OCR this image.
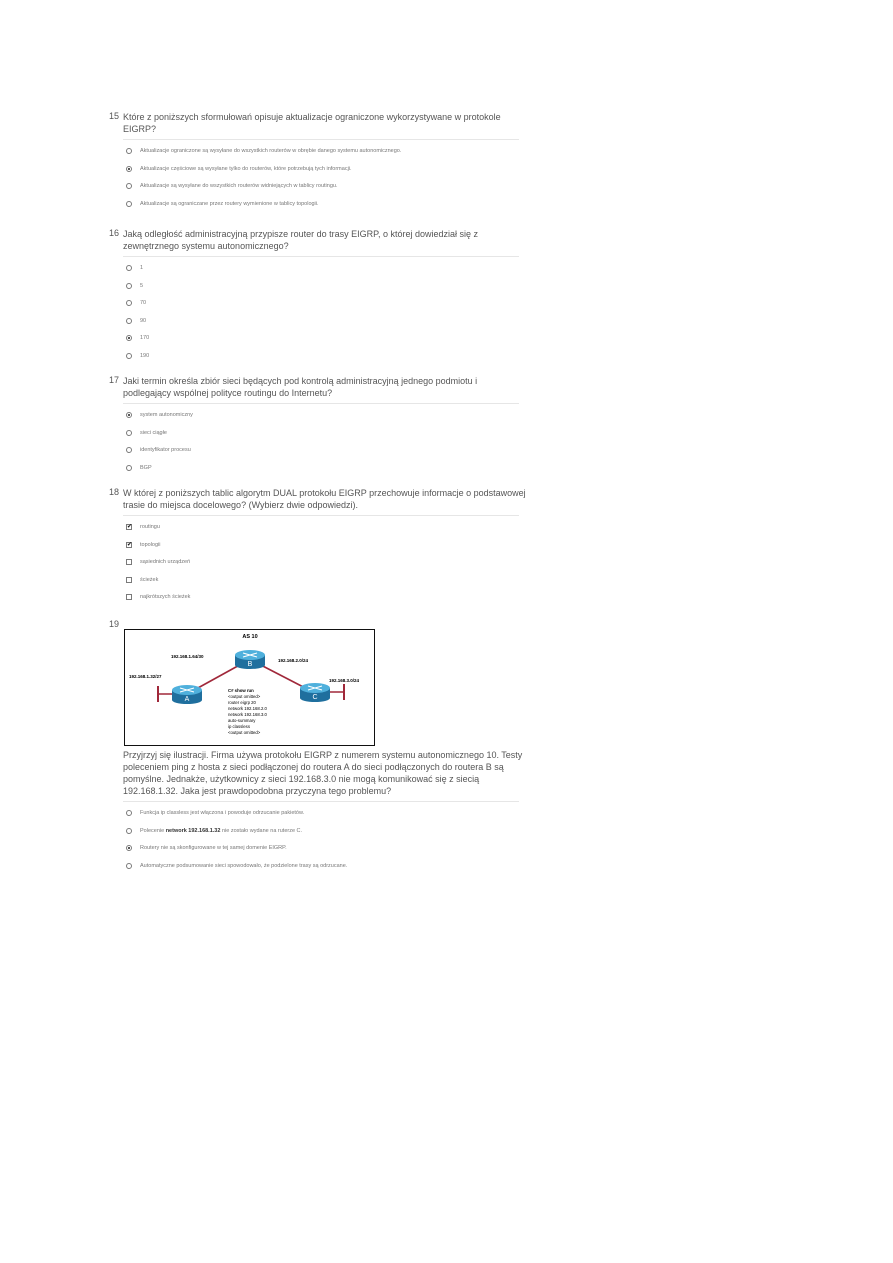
15 Które z poniższych sformułowań opisuje aktualizacje ograniczone wykorzystywane w protokole EIGRP?
Aktualizacje ograniczone są wysyłane do wszystkich routerów w obrębie danego systemu autonomicznego.
Aktualizacje częściowe są wysyłane tylko do routerów, które potrzebują tych informacji.
Aktualizacje są wysyłane do wszystkich routerów widniejących w tablicy routingu.
Aktualizacje są ograniczane przez routery wymienione w tablicy topologii.
16 Jaką odległość administracyjną przypisze router do trasy EIGRP, o której dowiedział się z zewnętrznego systemu autonomicznego?
1
5
70
90
170
190
17 Jaki termin określa zbiór sieci będących pod kontrolą administracyjną jednego podmiotu i podlegający wspólnej polityce routingu do Internetu?
system autonomiczny
sieci ciągłe
identyfikator procesu
BGP
18 W której z poniższych tablic algorytm DUAL protokołu EIGRP przechowuje informacje o podstawowej trasie do miejsca docelowego? (Wybierz dwie odpowiedzi).
✔
routingu
✔
topologii
sąsiednich urządzeń
ścieżek
najkrótszych ścieżek
19
A
B
C
AS 10
192.168.1.64/30
192.168.2.0/24
192.168.1.32/27
192.168.3.0/24
C# show run
<output omitted>
router eigrp 20
network 192.168.2.0
network 192.168.3.0
auto-summary
ip classless
<output omitted>
Przyjrzyj się ilustracji. Firma używa protokołu EIGRP z numerem systemu autonomicznego 10. Testy poleceniem ping z hosta z sieci podłączonej do routera A do sieci podłączonych do routera B są pomyślne. Jednakże, użytkownicy z sieci 192.168.3.0 nie mogą komunikować się z siecią 192.168.1.32. Jaka jest prawdopodobna przyczyna tego problemu?
Funkcja ip classless jest włączona i powoduje odrzucanie pakietów.
Polecenie network 192.168.1.32 nie zostało wydane na ruterze C.
Routery nie są skonfigurowane w tej samej domenie EIGRP.
Automatyczne podsumowanie sieci spowodowało, że podzielone trasy są odrzucane.
